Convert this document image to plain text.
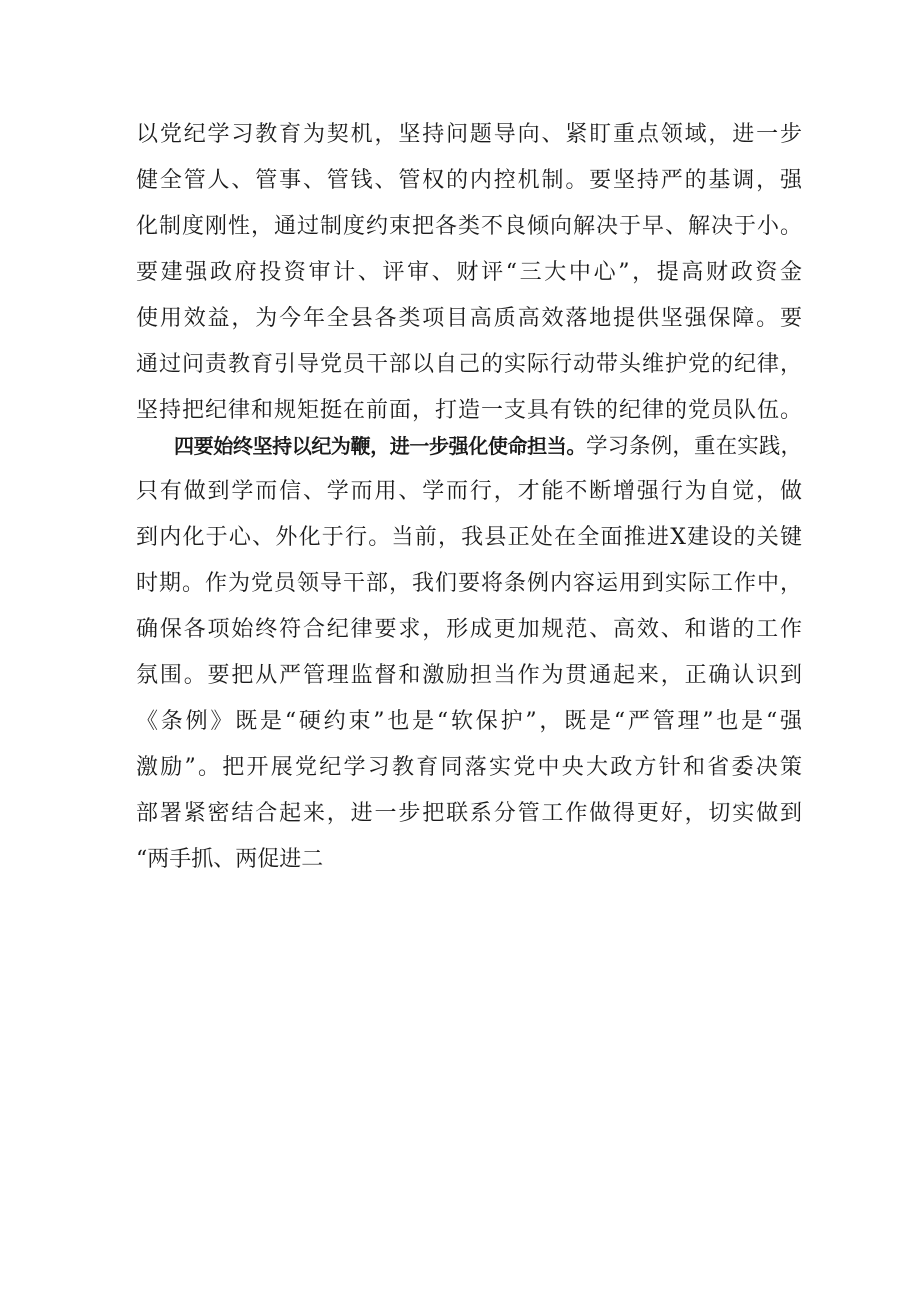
以党纪学习教育为契机，坚持问题导向、紧盯重点领域，进一步
健全管人、管事、管钱、管权的内控机制。要坚持严的基调，强
化制度刚性，通过制度约束把各类不良倾向解决于早、解决于小。
要建强政府投资审计、评审、财评“三大中心”，提高财政资金
使用效益，为今年全县各类项目高质高效落地提供坚强保障。要
通过问责教育引导党员干部以自己的实际行动带头维护党的纪律，
坚持把纪律和规矩挺在前面，打造一支具有铁的纪律的党员队伍。
四要始终坚持以纪为鞭，进一步强化使命担当。学习条例，重在实践，
只有做到学而信、学而用、学而行，才能不断增强行为自觉，做
到内化于心、外化于行。当前，我县正处在全面推进X建设的关键
时期。作为党员领导干部，我们要将条例内容运用到实际工作中，
确保各项始终符合纪律要求，形成更加规范、高效、和谐的工作
氛围。要把从严管理监督和激励担当作为贯通起来，正确认识到
《条例》既是“硬约束”也是“软保护”，既是“严管理”也是“强
激励”。把开展党纪学习教育同落实党中央大政方针和省委决策
部署紧密结合起来，进一步把联系分管工作做得更好，切实做到
“两手抓、两促进二
